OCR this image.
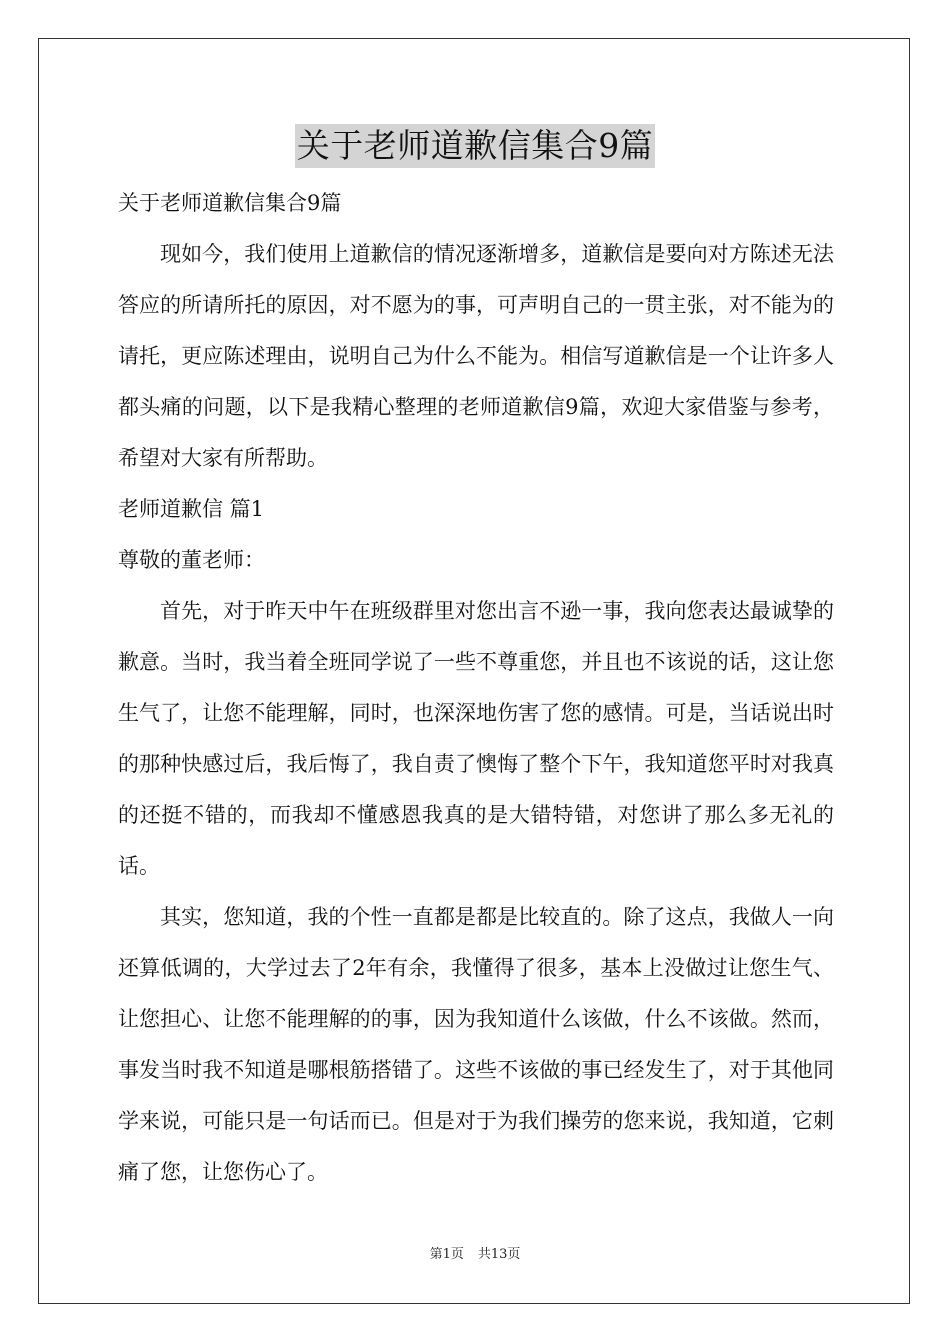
关于老师道歉信集合9篇

关于老师道歉信集合9篇

现如今，我们使用上道歉信的情况逐渐增多，道歉信是要向对方陈述无法答应的所请所托的原因，对不愿为的事，可声明自己的一贯主张，对不能为的请托，更应陈述理由，说明自己为什么不能为。相信写道歉信是一个让许多人都头痛的问题，以下是我精心整理的老师道歉信9篇，欢迎大家借鉴与参考，希望对大家有所帮助。

老师道歉信 篇1

尊敬的董老师：

首先，对于昨天中午在班级群里对您出言不逊一事，我向您表达最诚挚的歉意。当时，我当着全班同学说了一些不尊重您，并且也不该说的话，这让您生气了，让您不能理解，同时，也深深地伤害了您的感情。可是，当话说出时的那种快感过后，我后悔了，我自责了懊悔了整个下午，我知道您平时对我真的还挺不错的，而我却不懂感恩我真的是大错特错，对您讲了那么多无礼的话。

其实，您知道，我的个性一直都是都是比较直的。除了这点，我做人一向还算低调的，大学过去了2年有余，我懂得了很多，基本上没做过让您生气、让您担心、让您不能理解的的事，因为我知道什么该做，什么不该做。然而，事发当时我不知道是哪根筋搭错了。这些不该做的事已经发生了，对于其他同学来说，可能只是一句话而已。但是对于为我们操劳的您来说，我知道，它刺痛了您，让您伤心了。

第1页 共13页
